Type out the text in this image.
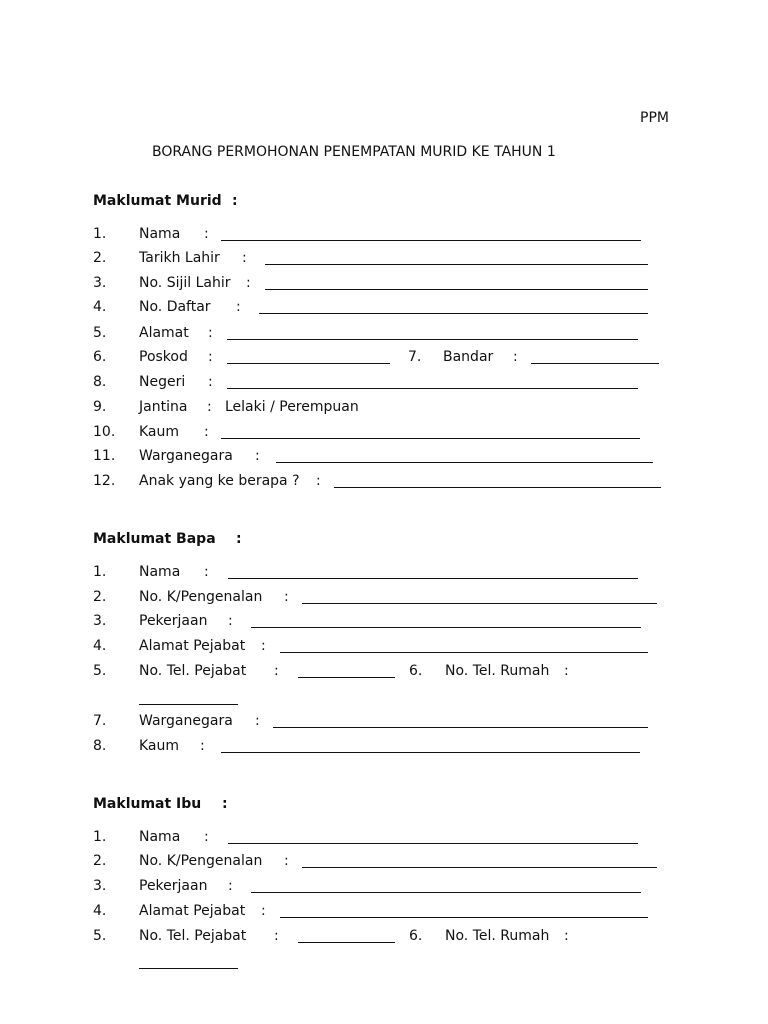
PPM
BORANG PERMOHONAN PENEMPATAN MURID KE TAHUN 1
Maklumat Murid :
1. Nama :
2. Tarikh Lahir :
3. No. Sijil Lahir :
4. No. Daftar :
5. Alamat :
6. Poskod :	7. Bandar :
8. Negeri :
9. Jantina : Lelaki / Perempuan
10. Kaum :
11. Warganegara :
12. Anak yang ke berapa ? :
Maklumat Bapa :
1. Nama :
2. No. K/Pengenalan :
3. Pekerjaan :
4. Alamat Pejabat :
5. No. Tel. Pejabat :	6. No. Tel. Rumah :
7. Warganegara :
8. Kaum :
Maklumat Ibu :
1. Nama :
2. No. K/Pengenalan :
3. Pekerjaan :
4. Alamat Pejabat :
5. No. Tel. Pejabat :	6. No. Tel. Rumah :
